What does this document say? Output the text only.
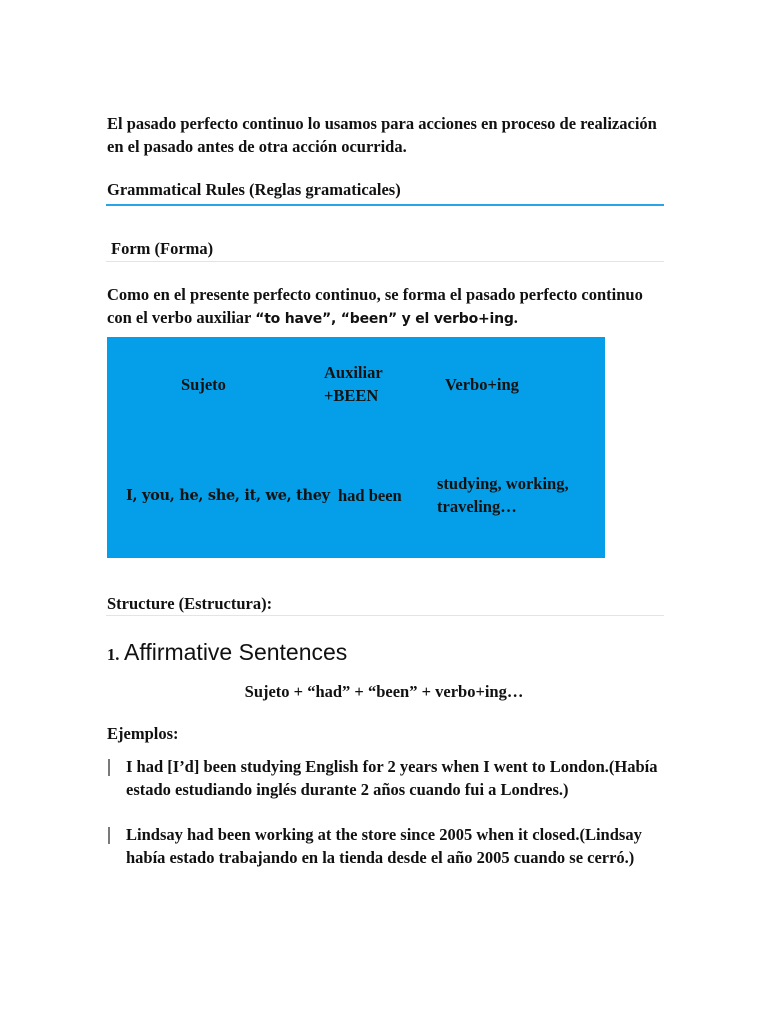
El pasado perfecto continuo lo usamos para acciones en proceso de realización en el pasado antes de otra acción ocurrida.
Grammatical Rules (Reglas gramaticales)
Form (Forma)
Como en el presente perfecto continuo, se forma el pasado perfecto continuo con el verbo auxiliar “to have”, “been” y el verbo+ing.
Sujeto
Auxiliar +BEEN
Verbo+ing
I, you, he, she, it, we, they had been
studying, working, traveling…
Structure (Estructura):
1. Affirmative Sentences
Sujeto + “had” + “been” + verbo+ing…
Ejemplos:
I had [I’d] been studying English for 2 years when I went to London.(Había estado estudiando inglés durante 2 años cuando fui a Londres.)
Lindsay had been working at the store since 2005 when it closed.(Lindsay había estado trabajando en la tienda desde el año 2005 cuando se cerró.)
